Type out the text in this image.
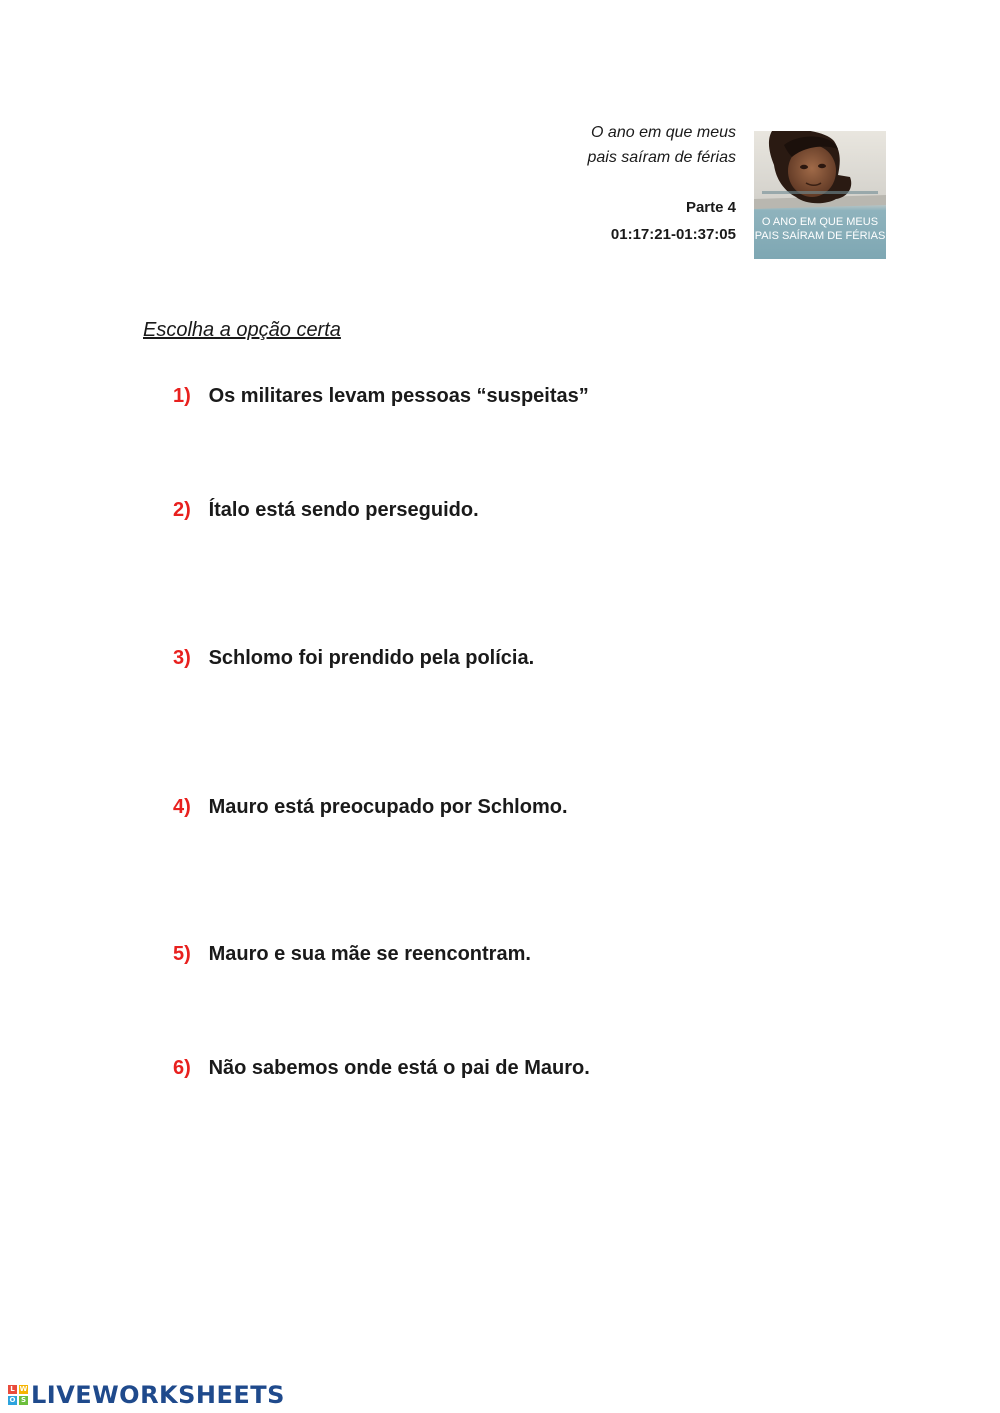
O ano em que meus
pais saíram de férias
Parte 4
01:17:21-01:37:05
O ANO EM QUE MEUS
PAIS SAÍRAM DE FÉRIAS
Escolha a opção certa
1) Os militares levam pessoas “suspeitas”
2) Ítalo está sendo perseguido.
3) Schlomo foi prendido pela polícia.
4) Mauro está preocupado por Schlomo.
5) Mauro e sua mãe se reencontram.
6) Não sabemos onde está o pai de Mauro.
L W
O S LIVEWORKSHEETS
